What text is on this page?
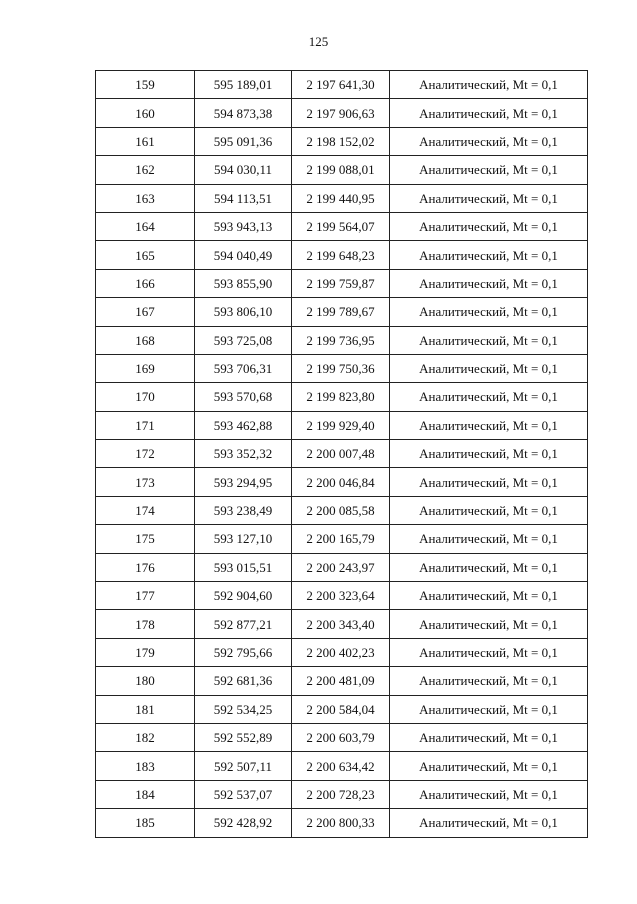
125
159	595 189,01	2 197 641,30	Аналитический, Mt = 0,1
160	594 873,38	2 197 906,63	Аналитический, Mt = 0,1
161	595 091,36	2 198 152,02	Аналитический, Mt = 0,1
162	594 030,11	2 199 088,01	Аналитический, Mt = 0,1
163	594 113,51	2 199 440,95	Аналитический, Mt = 0,1
164	593 943,13	2 199 564,07	Аналитический, Mt = 0,1
165	594 040,49	2 199 648,23	Аналитический, Mt = 0,1
166	593 855,90	2 199 759,87	Аналитический, Mt = 0,1
167	593 806,10	2 199 789,67	Аналитический, Mt = 0,1
168	593 725,08	2 199 736,95	Аналитический, Mt = 0,1
169	593 706,31	2 199 750,36	Аналитический, Mt = 0,1
170	593 570,68	2 199 823,80	Аналитический, Mt = 0,1
171	593 462,88	2 199 929,40	Аналитический, Mt = 0,1
172	593 352,32	2 200 007,48	Аналитический, Mt = 0,1
173	593 294,95	2 200 046,84	Аналитический, Mt = 0,1
174	593 238,49	2 200 085,58	Аналитический, Mt = 0,1
175	593 127,10	2 200 165,79	Аналитический, Mt = 0,1
176	593 015,51	2 200 243,97	Аналитический, Mt = 0,1
177	592 904,60	2 200 323,64	Аналитический, Mt = 0,1
178	592 877,21	2 200 343,40	Аналитический, Mt = 0,1
179	592 795,66	2 200 402,23	Аналитический, Mt = 0,1
180	592 681,36	2 200 481,09	Аналитический, Mt = 0,1
181	592 534,25	2 200 584,04	Аналитический, Mt = 0,1
182	592 552,89	2 200 603,79	Аналитический, Mt = 0,1
183	592 507,11	2 200 634,42	Аналитический, Mt = 0,1
184	592 537,07	2 200 728,23	Аналитический, Mt = 0,1
185	592 428,92	2 200 800,33	Аналитический, Mt = 0,1
